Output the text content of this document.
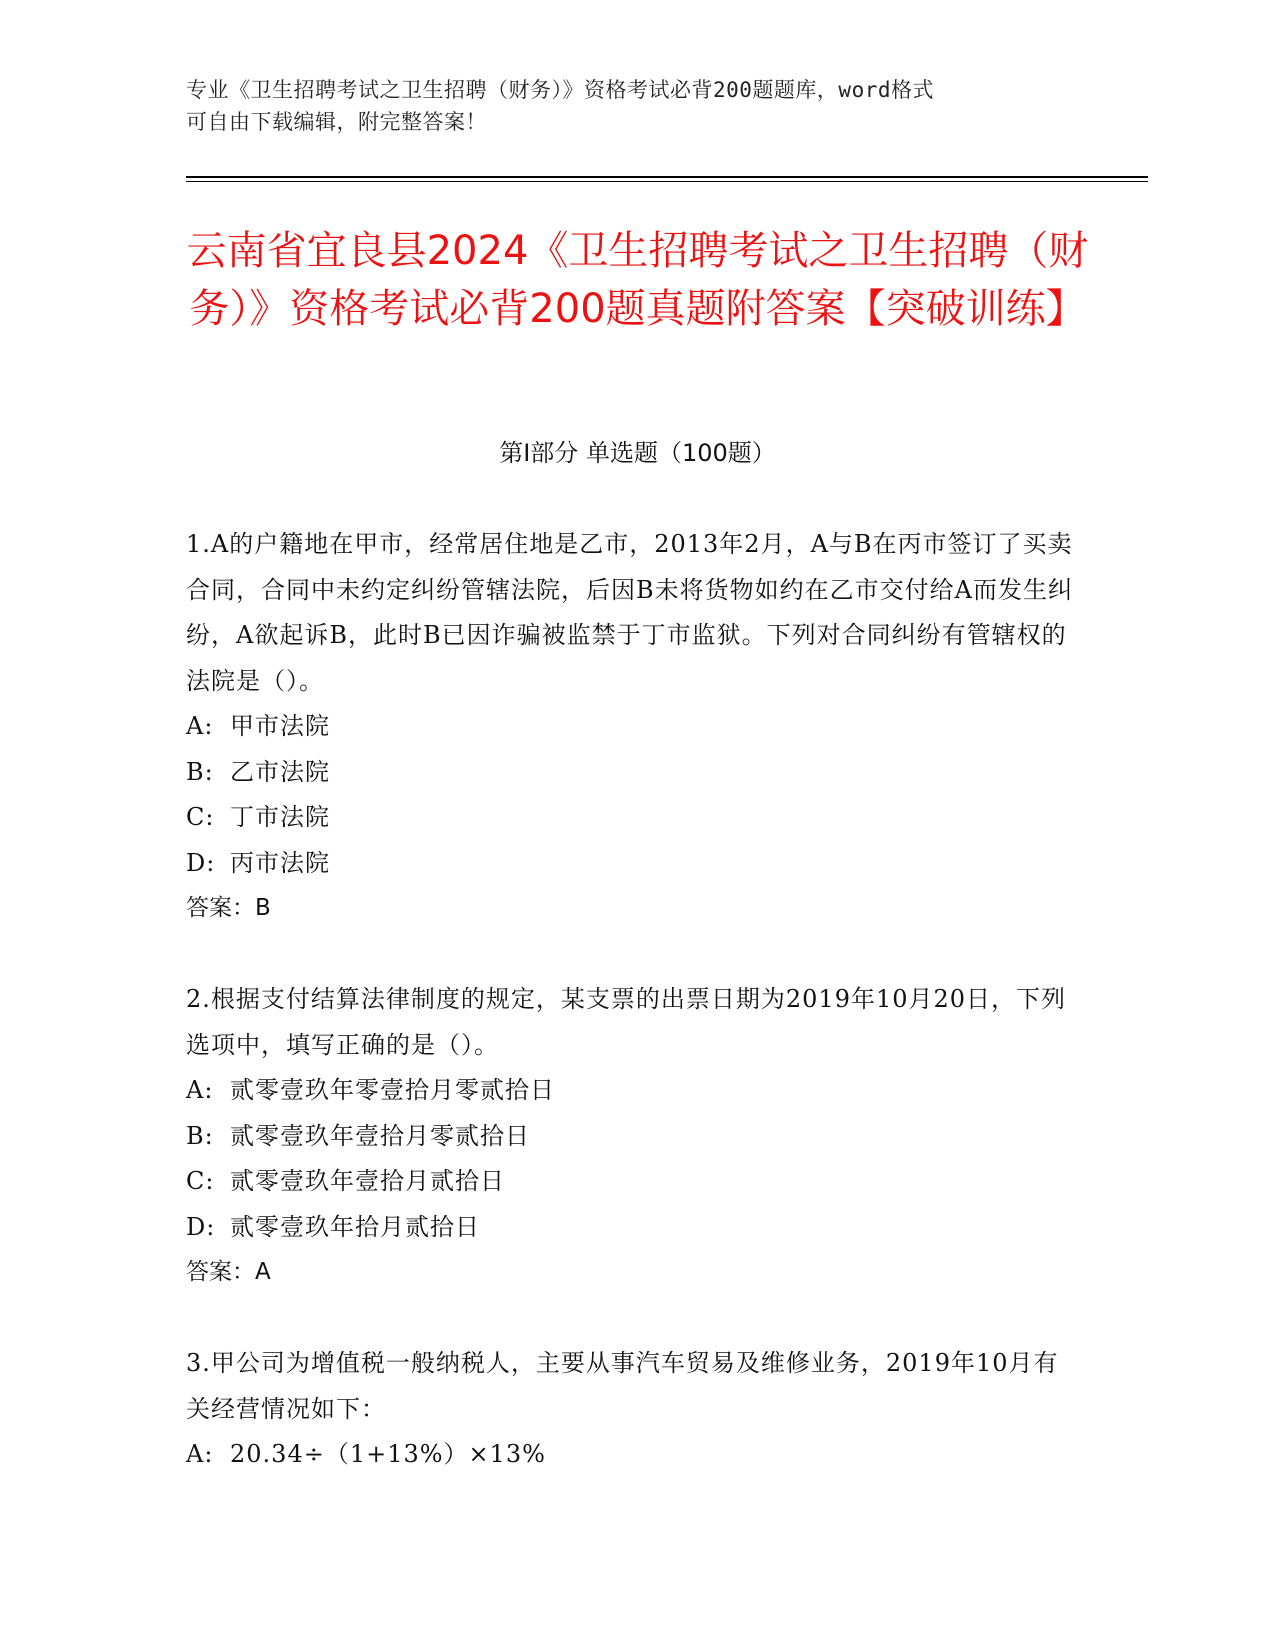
专业《卫生招聘考试之卫生招聘（财务）》资格考试必背200题题库，word格式
可自由下载编辑，附完整答案！
云南省宜良县2024《卫生招聘考试之卫生招聘（财务）》资格考试必背200题真题附答案【突破训练】
第Ⅰ部分 单选题（100题）

1.A的户籍地在甲市，经常居住地是乙市，2013年2月，A与B在丙市签订了买卖合同，合同中未约定纠纷管辖法院，后因B未将货物如约在乙市交付给A而发生纠纷，A欲起诉B，此时B已因诈骗被监禁于丁市监狱。下列对合同纠纷有管辖权的法院是（）。

A: 甲市法院

B: 乙市法院

C: 丁市法院

D: 丙市法院

答案：B

2.根据支付结算法律制度的规定，某支票的出票日期为2019年10月20日，下列选项中，填写正确的是（）。

A: 贰零壹玖年零壹拾月零贰拾日

B: 贰零壹玖年壹拾月零贰拾日

C: 贰零壹玖年壹拾月贰拾日

D: 贰零壹玖年拾月贰拾日

答案：A

3.甲公司为增值税一般纳税人，主要从事汽车贸易及维修业务，2019年10月有关经营情况如下：

A: 20.34÷（1+13%）×13%
